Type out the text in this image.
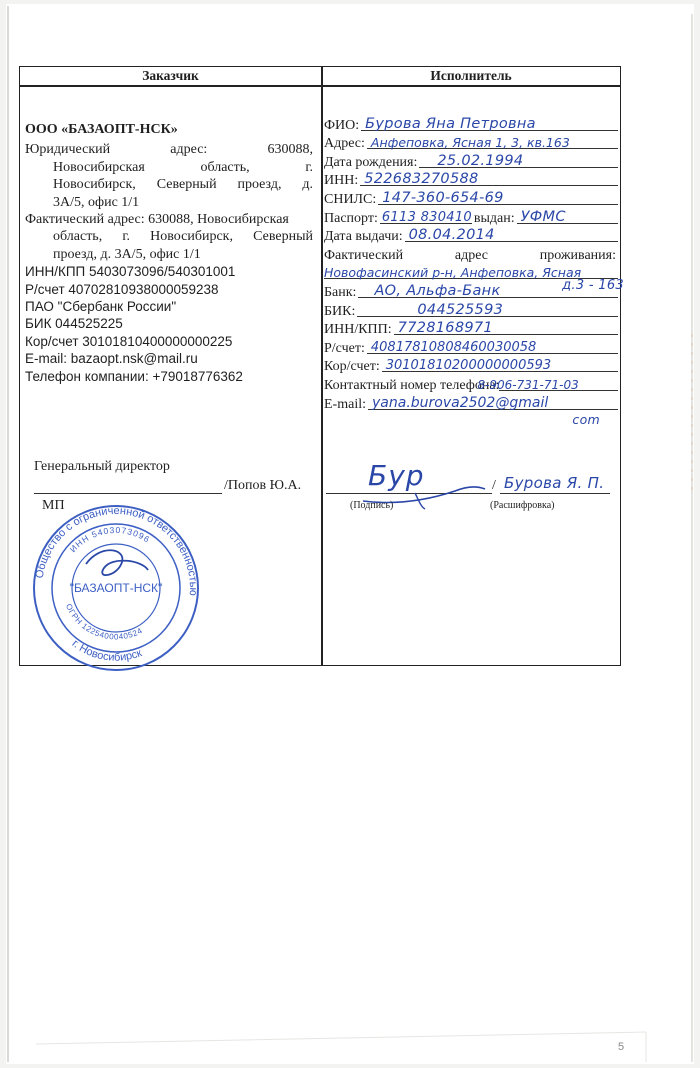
Заказчик	Исполнитель

ООО «БАЗАОПТ-НСК»

Юридический	адрес:	630088,

Новосибирская	область,	г.

Новосибирск, Северный проезд, д.

3А/5, офис 1/1

Фактический адрес: 630088, Новосибирская

область, г. Новосибирск, Северный

проезд, д. 3А/5, офис 1/1

ИНН/КПП 5403073096/540301001

Р/счет 40702810938000059238

ПАО "Сбербанк России"

БИК 044525225

Кор/счет 30101810400000000225

E-mail: bazaopt.nsk@mail.ru

Телефон компании: +79018776362

Генеральный директор
/Попов Ю.А.
МП
ФИО: Бурова Яна Петровна
Адрес: Анфеповка, Ясная 1, 3, кв.163
Дата рождения: 25.02.1994
ИНН: 522683270588
СНИЛС: 147-360-654-69
Паспорт: 6113 830410 выдан: УФМС
Дата выдачи: 08.04.2014
Фактический	адрес	проживания:
Новофасинский р-н, Анфеповка, Ясная
Банк: АО, Альфа-Банк	д.3 - 163
БИК:	044525593
ИНН/КПП: 7728168971
Р/счет: 40817810808460030058
Кор/счет: 30101810200000000593
Контактный номер телефона:
8-906-731-71-03
E-mail: yana.burova2502@gmail
com
/
Бур	Бурова Я. П.
(Подпись)	(Расшифровка)
Общество с ограниченной ответственностью
ИНН 5403073096
ОГРН 1225400040524
г. Новосибирск
"БАЗАОПТ-НСК"
5
